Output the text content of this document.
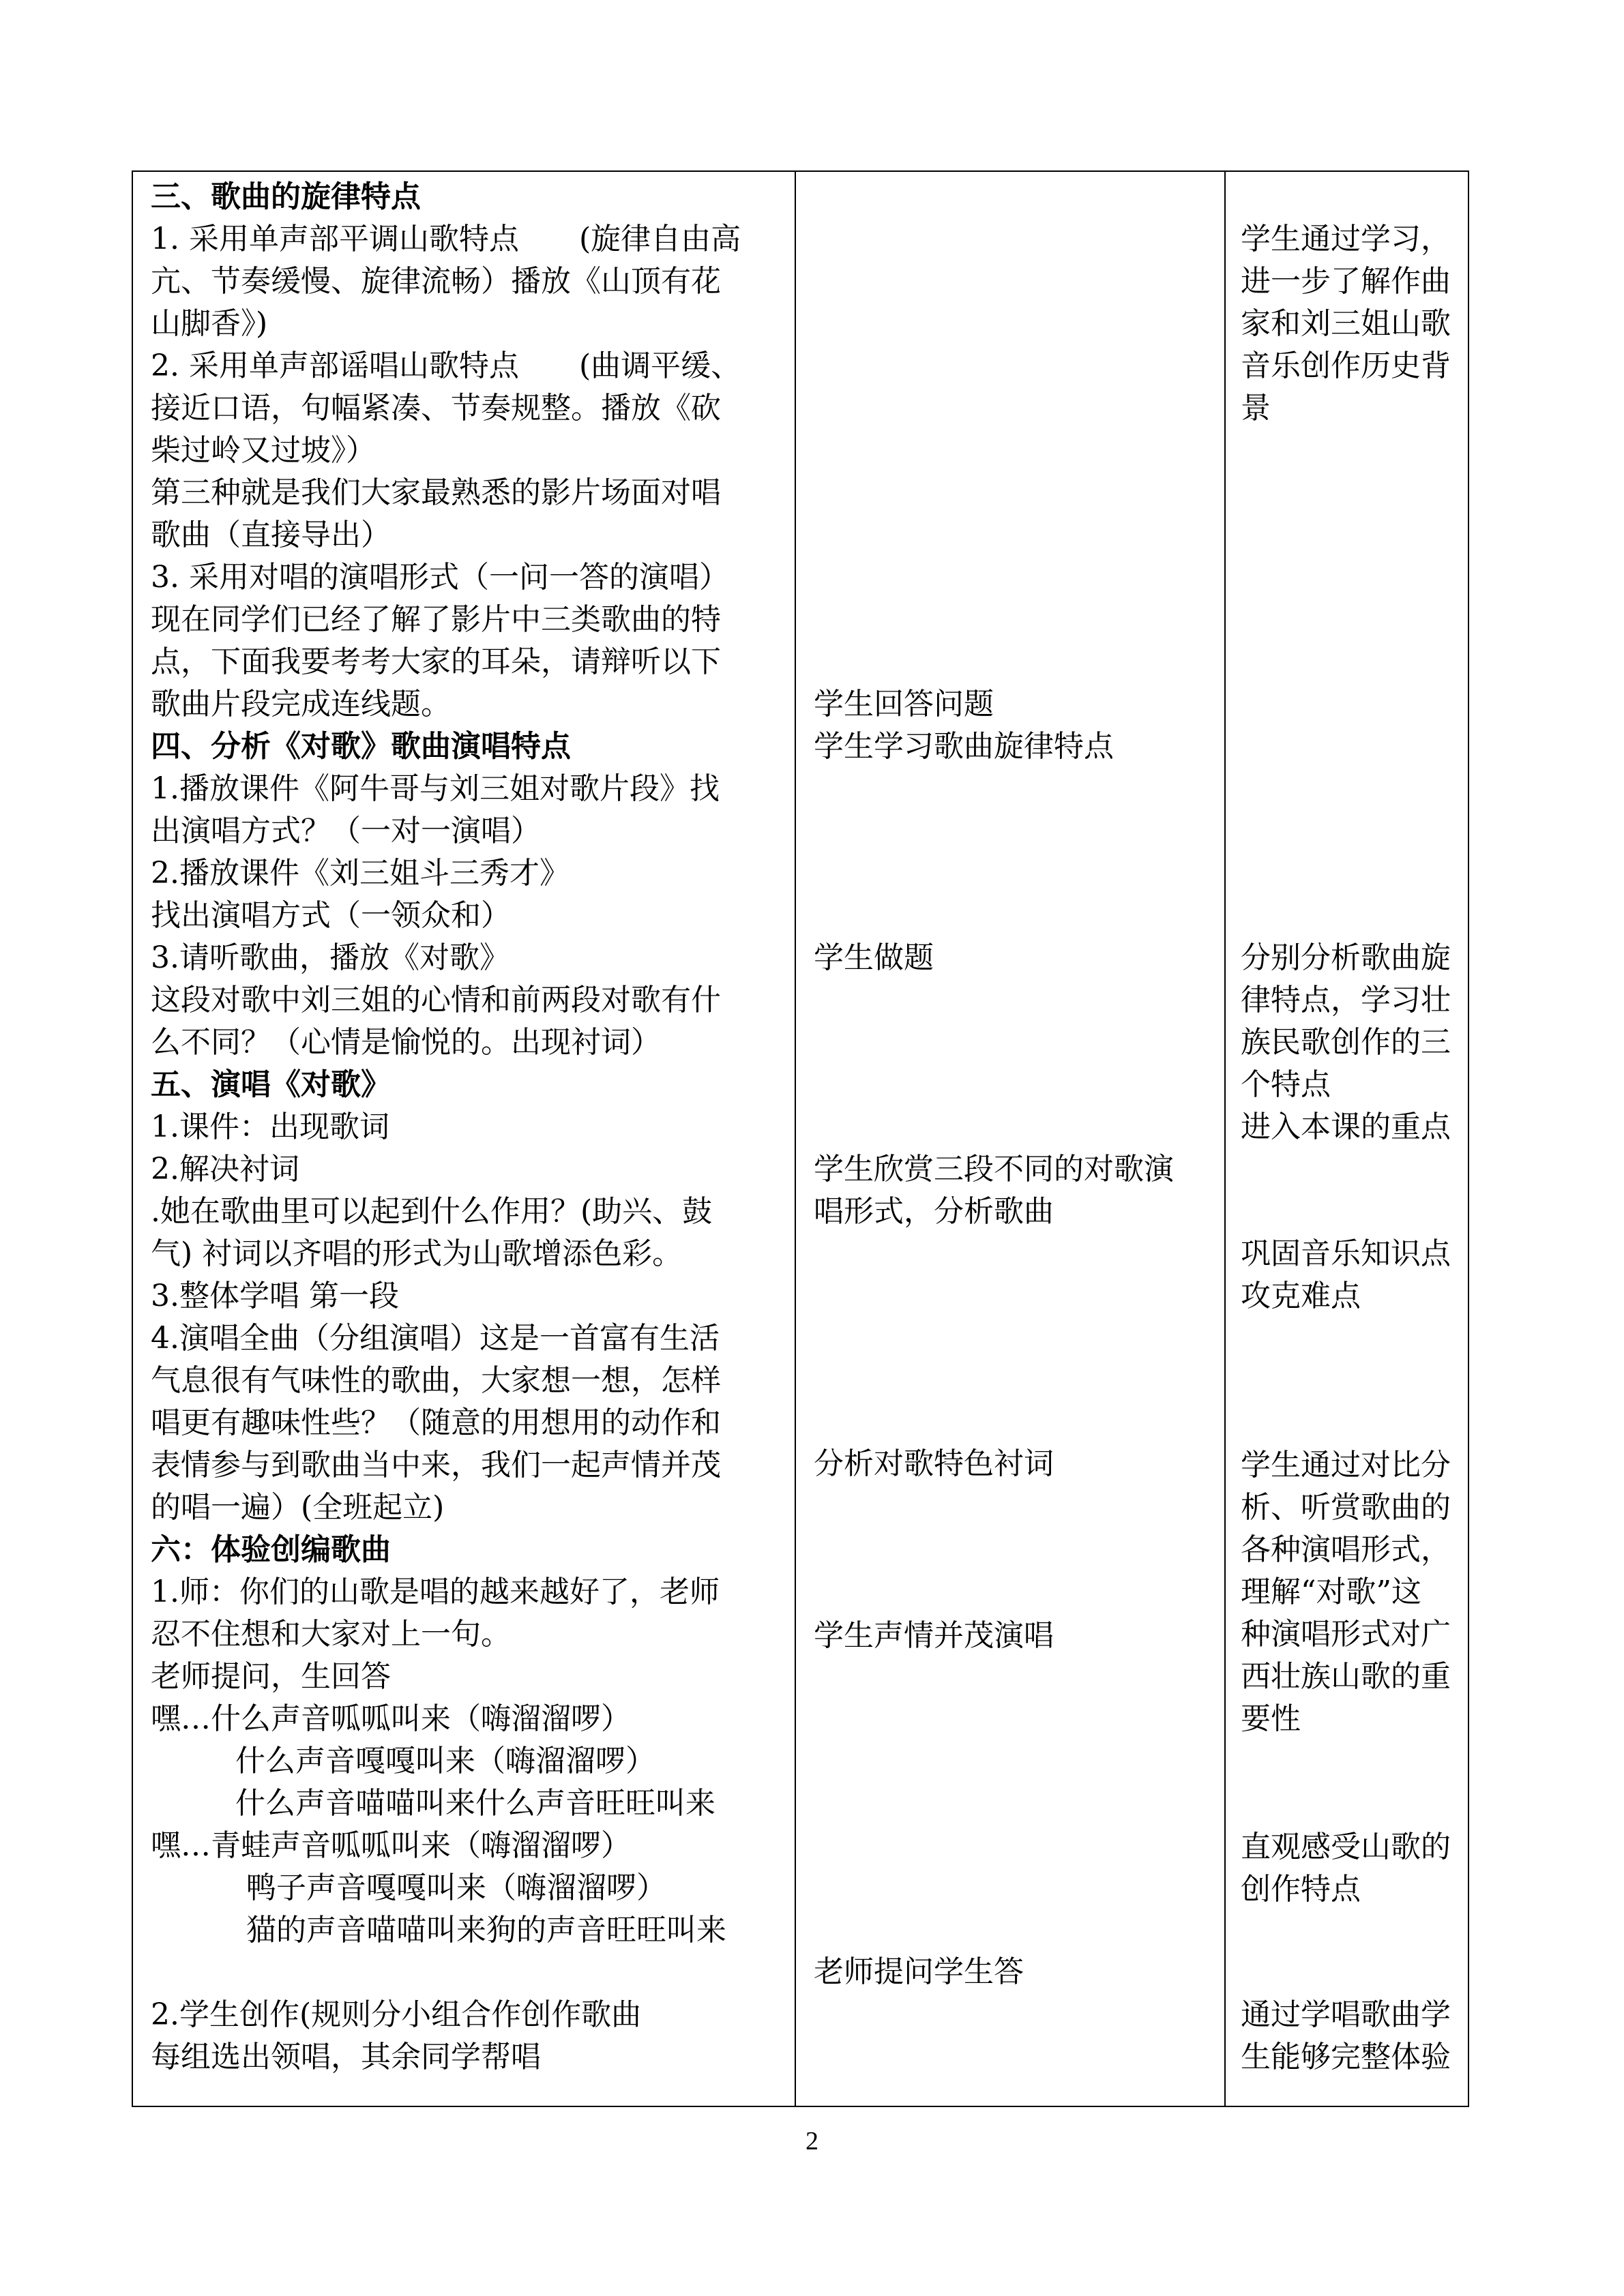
三、歌曲的旋律特点
1. 采用单声部平调山歌特点　　(旋律自由高
亢、节奏缓慢、旋律流畅）播放《山顶有花
山脚香》)
2. 采用单声部谣唱山歌特点　　(曲调平缓、
接近口语，句幅紧凑、节奏规整。播放《砍
柴过岭又过坡》）
第三种就是我们大家最熟悉的影片场面对唱
歌曲（直接导出）
3. 采用对唱的演唱形式（一问一答的演唱）
现在同学们已经了解了影片中三类歌曲的特
点，下面我要考考大家的耳朵，请辩听以下
歌曲片段完成连线题。
四、分析《对歌》歌曲演唱特点
1.播放课件《阿牛哥与刘三姐对歌片段》找
出演唱方式？（一对一演唱）
2.播放课件《刘三姐斗三秀才》
找出演唱方式（一领众和）
3.请听歌曲，播放《对歌》
这段对歌中刘三姐的心情和前两段对歌有什
么不同？（心情是愉悦的。出现衬词）
五、演唱《对歌》
1.课件：出现歌词
2.解决衬词
.她在歌曲里可以起到什么作用？(助兴、鼓
气) 衬词以齐唱的形式为山歌增添色彩。
3.整体学唱 第一段
4.演唱全曲（分组演唱）这是一首富有生活
气息很有气味性的歌曲，大家想一想，怎样
唱更有趣味性些？（随意的用想用的动作和
表情参与到歌曲当中来，我们一起声情并茂
的唱一遍）(全班起立)
六：体验创编歌曲
1.师：你们的山歌是唱的越来越好了，老师
忍不住想和大家对上一句。
老师提问，生回答
嘿…什么声音呱呱叫来（嗨溜溜啰）
什么声音嘎嘎叫来（嗨溜溜啰）
什么声音喵喵叫来什么声音旺旺叫来
嘿…青蛙声音呱呱叫来（嗨溜溜啰）
鸭子声音嘎嘎叫来（嗨溜溜啰）
猫的声音喵喵叫来狗的声音旺旺叫来
2.学生创作(规则分小组合作创作歌曲
每组选出领唱，其余同学帮唱

学生回答问题
学生学习歌曲旋律特点
学生做题
学生欣赏三段不同的对歌演
唱形式，分析歌曲
分析对歌特色衬词
学生声情并茂演唱
老师提问学生答

学生通过学习，
进一步了解作曲
家和刘三姐山歌
音乐创作历史背
景
分别分析歌曲旋
律特点，学习壮
族民歌创作的三
个特点
进入本课的重点
巩固音乐知识点
攻克难点
学生通过对比分
析、听赏歌曲的
各种演唱形式，
理解“对歌”这
种演唱形式对广
西壮族山歌的重
要性
直观感受山歌的
创作特点
通过学唱歌曲学
生能够完整体验
2
